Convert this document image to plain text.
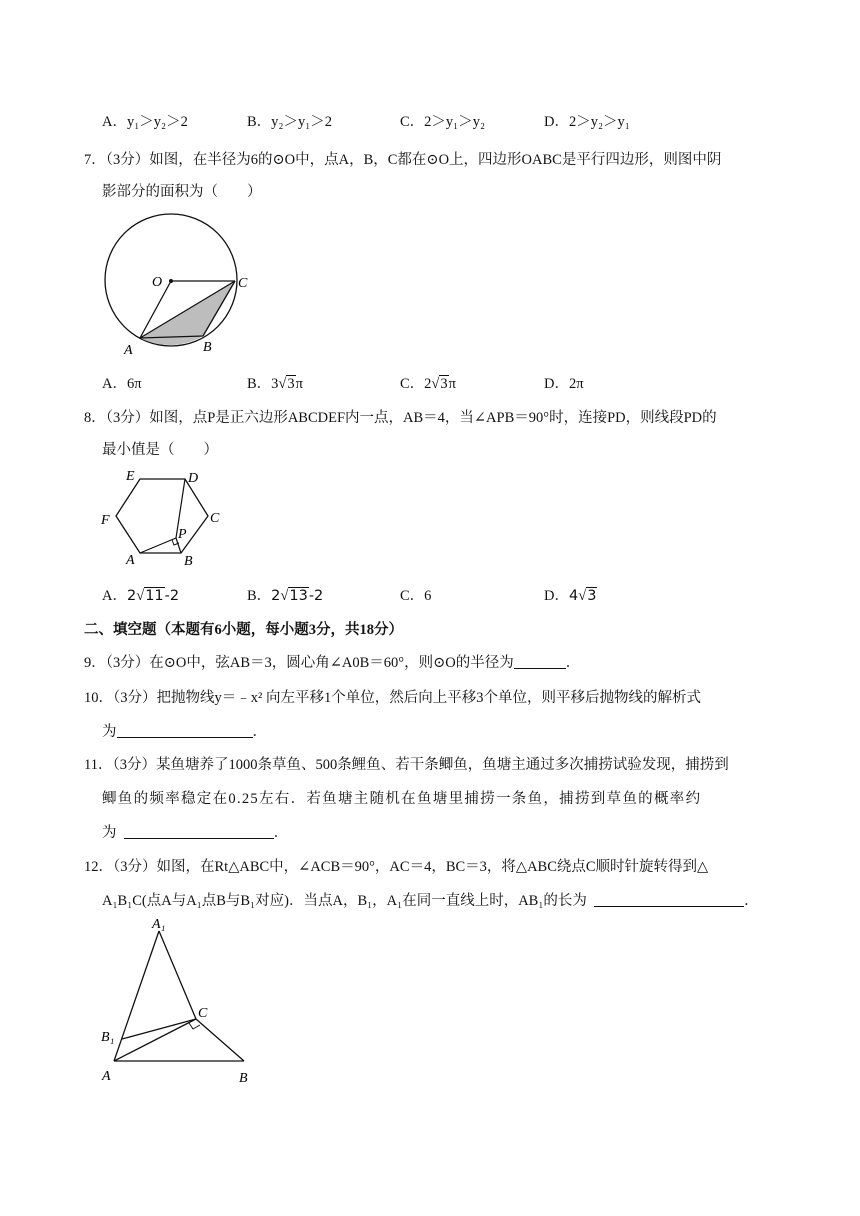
A．y₁＞y₂＞2	B．y₂＞y₁＞2	C．2＞y₁＞y₂	D．2＞y₂＞y₁
7．（3分）如图，在半径为6的⊙O中，点A，B，C都在⊙O上，四边形OABC是平行四边形，则图中阴
影部分的面积为（　　）
O	C
A	B
A．6π	B．3√3π	C．2√3π	D．2π
8．（3分）如图，点P是正六边形ABCDEF内一点，AB＝4，当∠APB＝90°时，连接PD，则线段PD的
最小值是（　　）
E	D
F	C
P
A	B
A．2√11-2	B．2√13-2	C．6	D．4√3
二、填空题（本题有6小题，每小题3分，共18分）
9．（3分）在⊙O中，弦AB＝3，圆心角∠A0B＝60°，则⊙O的半径为	．
10．（3分）把抛物线y＝﹣x² 向左平移1个单位，然后向上平移3个单位，则平移后抛物线的解析式
为	．
11．（3分）某鱼塘养了1000条草鱼、500条鲤鱼、若干条鲫鱼，鱼塘主通过多次捕捞试验发现，捕捞到
鲫鱼的频率稳定在0.25左右．若鱼塘主随机在鱼塘里捕捞一条鱼，捕捞到草鱼的概率约
为	．
12．（3分）如图，在Rt△ABC中，∠ACB＝90°，AC＝4，BC＝3，将△ABC绕点C顺时针旋转得到△
A₁B₁C(点A与A₁点B与B₁对应)．当点A，B₁，A₁在同一直线上时，AB₁的长为	．
A₁
C
B₁
A	B
